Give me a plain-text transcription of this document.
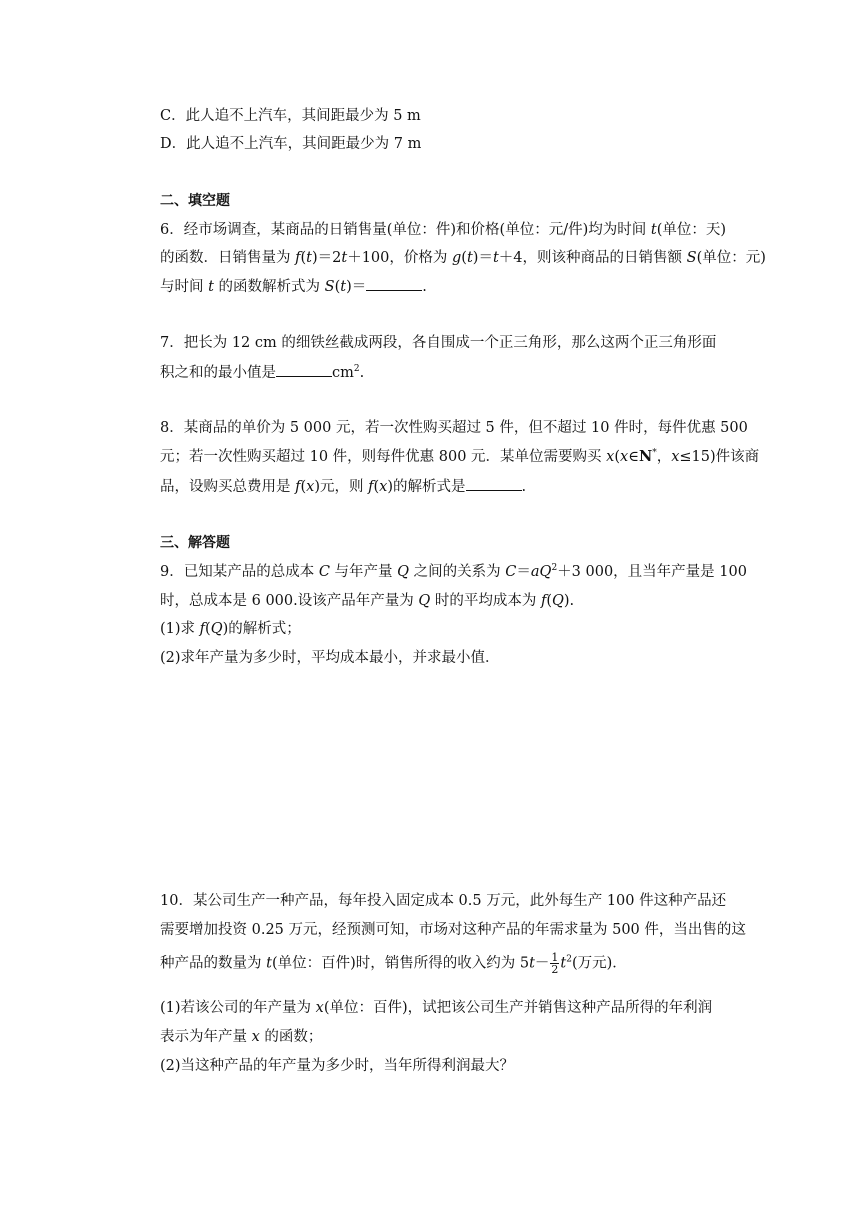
C．此人追不上汽车，其间距最少为 5 m
D．此人追不上汽车，其间距最少为 7 m
二、填空题
6．经市场调查，某商品的日销售量(单位：件)和价格(单位：元/件)均为时间 t(单位：天)
的函数．日销售量为 f(t)＝2t＋100，价格为 g(t)＝t＋4，则该种商品的日销售额 S(单位：元)
与时间 t 的函数解析式为 S(t)＝	.
7．把长为 12 cm 的细铁丝截成两段，各自围成一个正三角形，那么这两个正三角形面
积之和的最小值是	$cm^2$.
8．某商品的单价为 5 000 元，若一次性购买超过 5 件，但不超过 10 件时，每件优惠 500
元；若一次性购买超过 10 件，则每件优惠 800 元．某单位需要购买 x(x∈N*，x≤15)件该商
品，设购买总费用是 f(x)元，则 f(x)的解析式是	.
三、解答题
9．已知某产品的总成本 C 与年产量 Q 之间的关系为 $C=aQ^2+3$ 000，且当年产量是 100
时，总成本是 6 000.设该产品年产量为 Q 时的平均成本为 f(Q).
(1)求 f(Q)的解析式；
(2)求年产量为多少时，平均成本最小，并求最小值．
10．某公司生产一种产品，每年投入固定成本 0.5 万元，此外每生产 100 件这种产品还
需要增加投资 0.25 万元，经预测可知，市场对这种产品的年需求量为 500 件，当出售的这
种产品的数量为 t(单位：百件)时，销售所得的收入约为 $5t- \frac{1}{2} t^2$(万元)．
(1)若该公司的年产量为 x(单位：百件)，试把该公司生产并销售这种产品所得的年利润
表示为年产量 x 的函数；
(2)当这种产品的年产量为多少时，当年所得利润最大？
